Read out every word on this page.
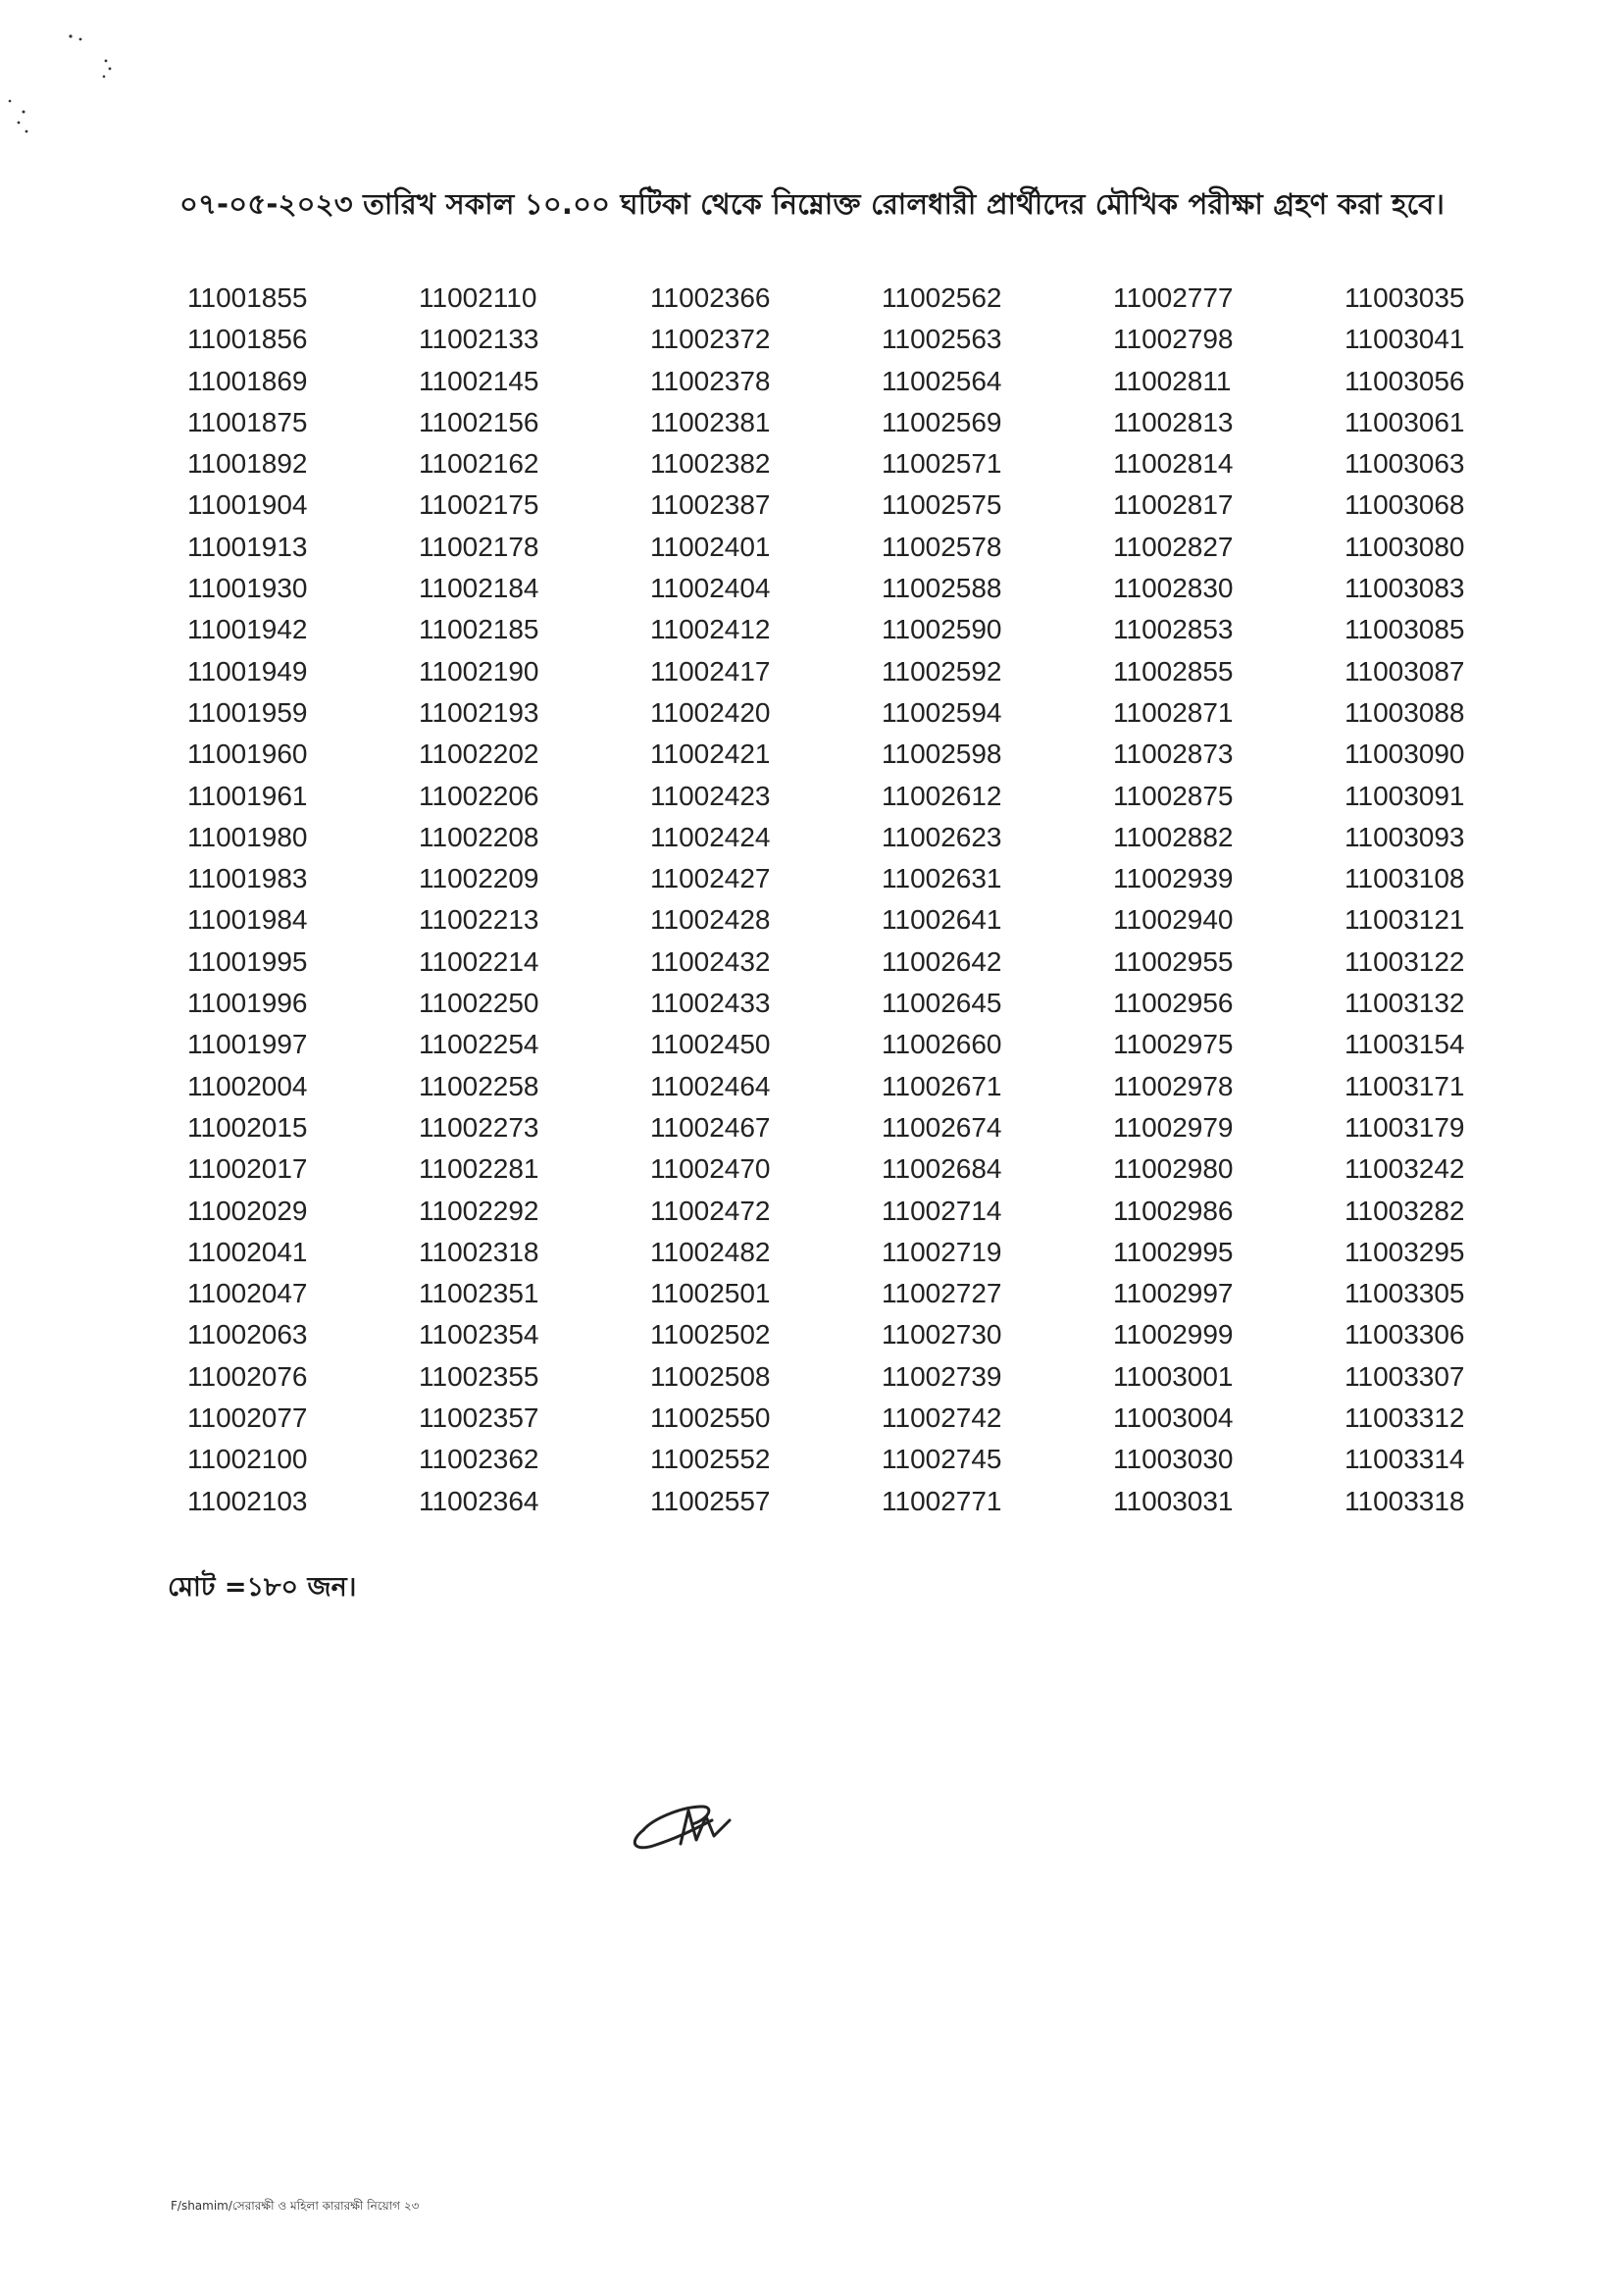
০৭-০৫-২০২৩ তারিখ সকাল ১০.০০ ঘটিকা থেকে নিম্নোক্ত রোলধারী প্রার্থীদের মৌখিক পরীক্ষা গ্রহণ করা হবে।
11001855
11001856
11001869
11001875
11001892
11001904
11001913
11001930
11001942
11001949
11001959
11001960
11001961
11001980
11001983
11001984
11001995
11001996
11001997
11002004
11002015
11002017
11002029
11002041
11002047
11002063
11002076
11002077
11002100
11002103
11002110
11002133
11002145
11002156
11002162
11002175
11002178
11002184
11002185
11002190
11002193
11002202
11002206
11002208
11002209
11002213
11002214
11002250
11002254
11002258
11002273
11002281
11002292
11002318
11002351
11002354
11002355
11002357
11002362
11002364
11002366
11002372
11002378
11002381
11002382
11002387
11002401
11002404
11002412
11002417
11002420
11002421
11002423
11002424
11002427
11002428
11002432
11002433
11002450
11002464
11002467
11002470
11002472
11002482
11002501
11002502
11002508
11002550
11002552
11002557
11002562
11002563
11002564
11002569
11002571
11002575
11002578
11002588
11002590
11002592
11002594
11002598
11002612
11002623
11002631
11002641
11002642
11002645
11002660
11002671
11002674
11002684
11002714
11002719
11002727
11002730
11002739
11002742
11002745
11002771
11002777
11002798
11002811
11002813
11002814
11002817
11002827
11002830
11002853
11002855
11002871
11002873
11002875
11002882
11002939
11002940
11002955
11002956
11002975
11002978
11002979
11002980
11002986
11002995
11002997
11002999
11003001
11003004
11003030
11003031
11003035
11003041
11003056
11003061
11003063
11003068
11003080
11003083
11003085
11003087
11003088
11003090
11003091
11003093
11003108
11003121
11003122
11003132
11003154
11003171
11003179
11003242
11003282
11003295
11003305
11003306
11003307
11003312
11003314
11003318
মোট =১৮০ জন।
F/shamim/সেরারক্ষী ও মহিলা কারারক্ষী নিয়োগ ২৩
